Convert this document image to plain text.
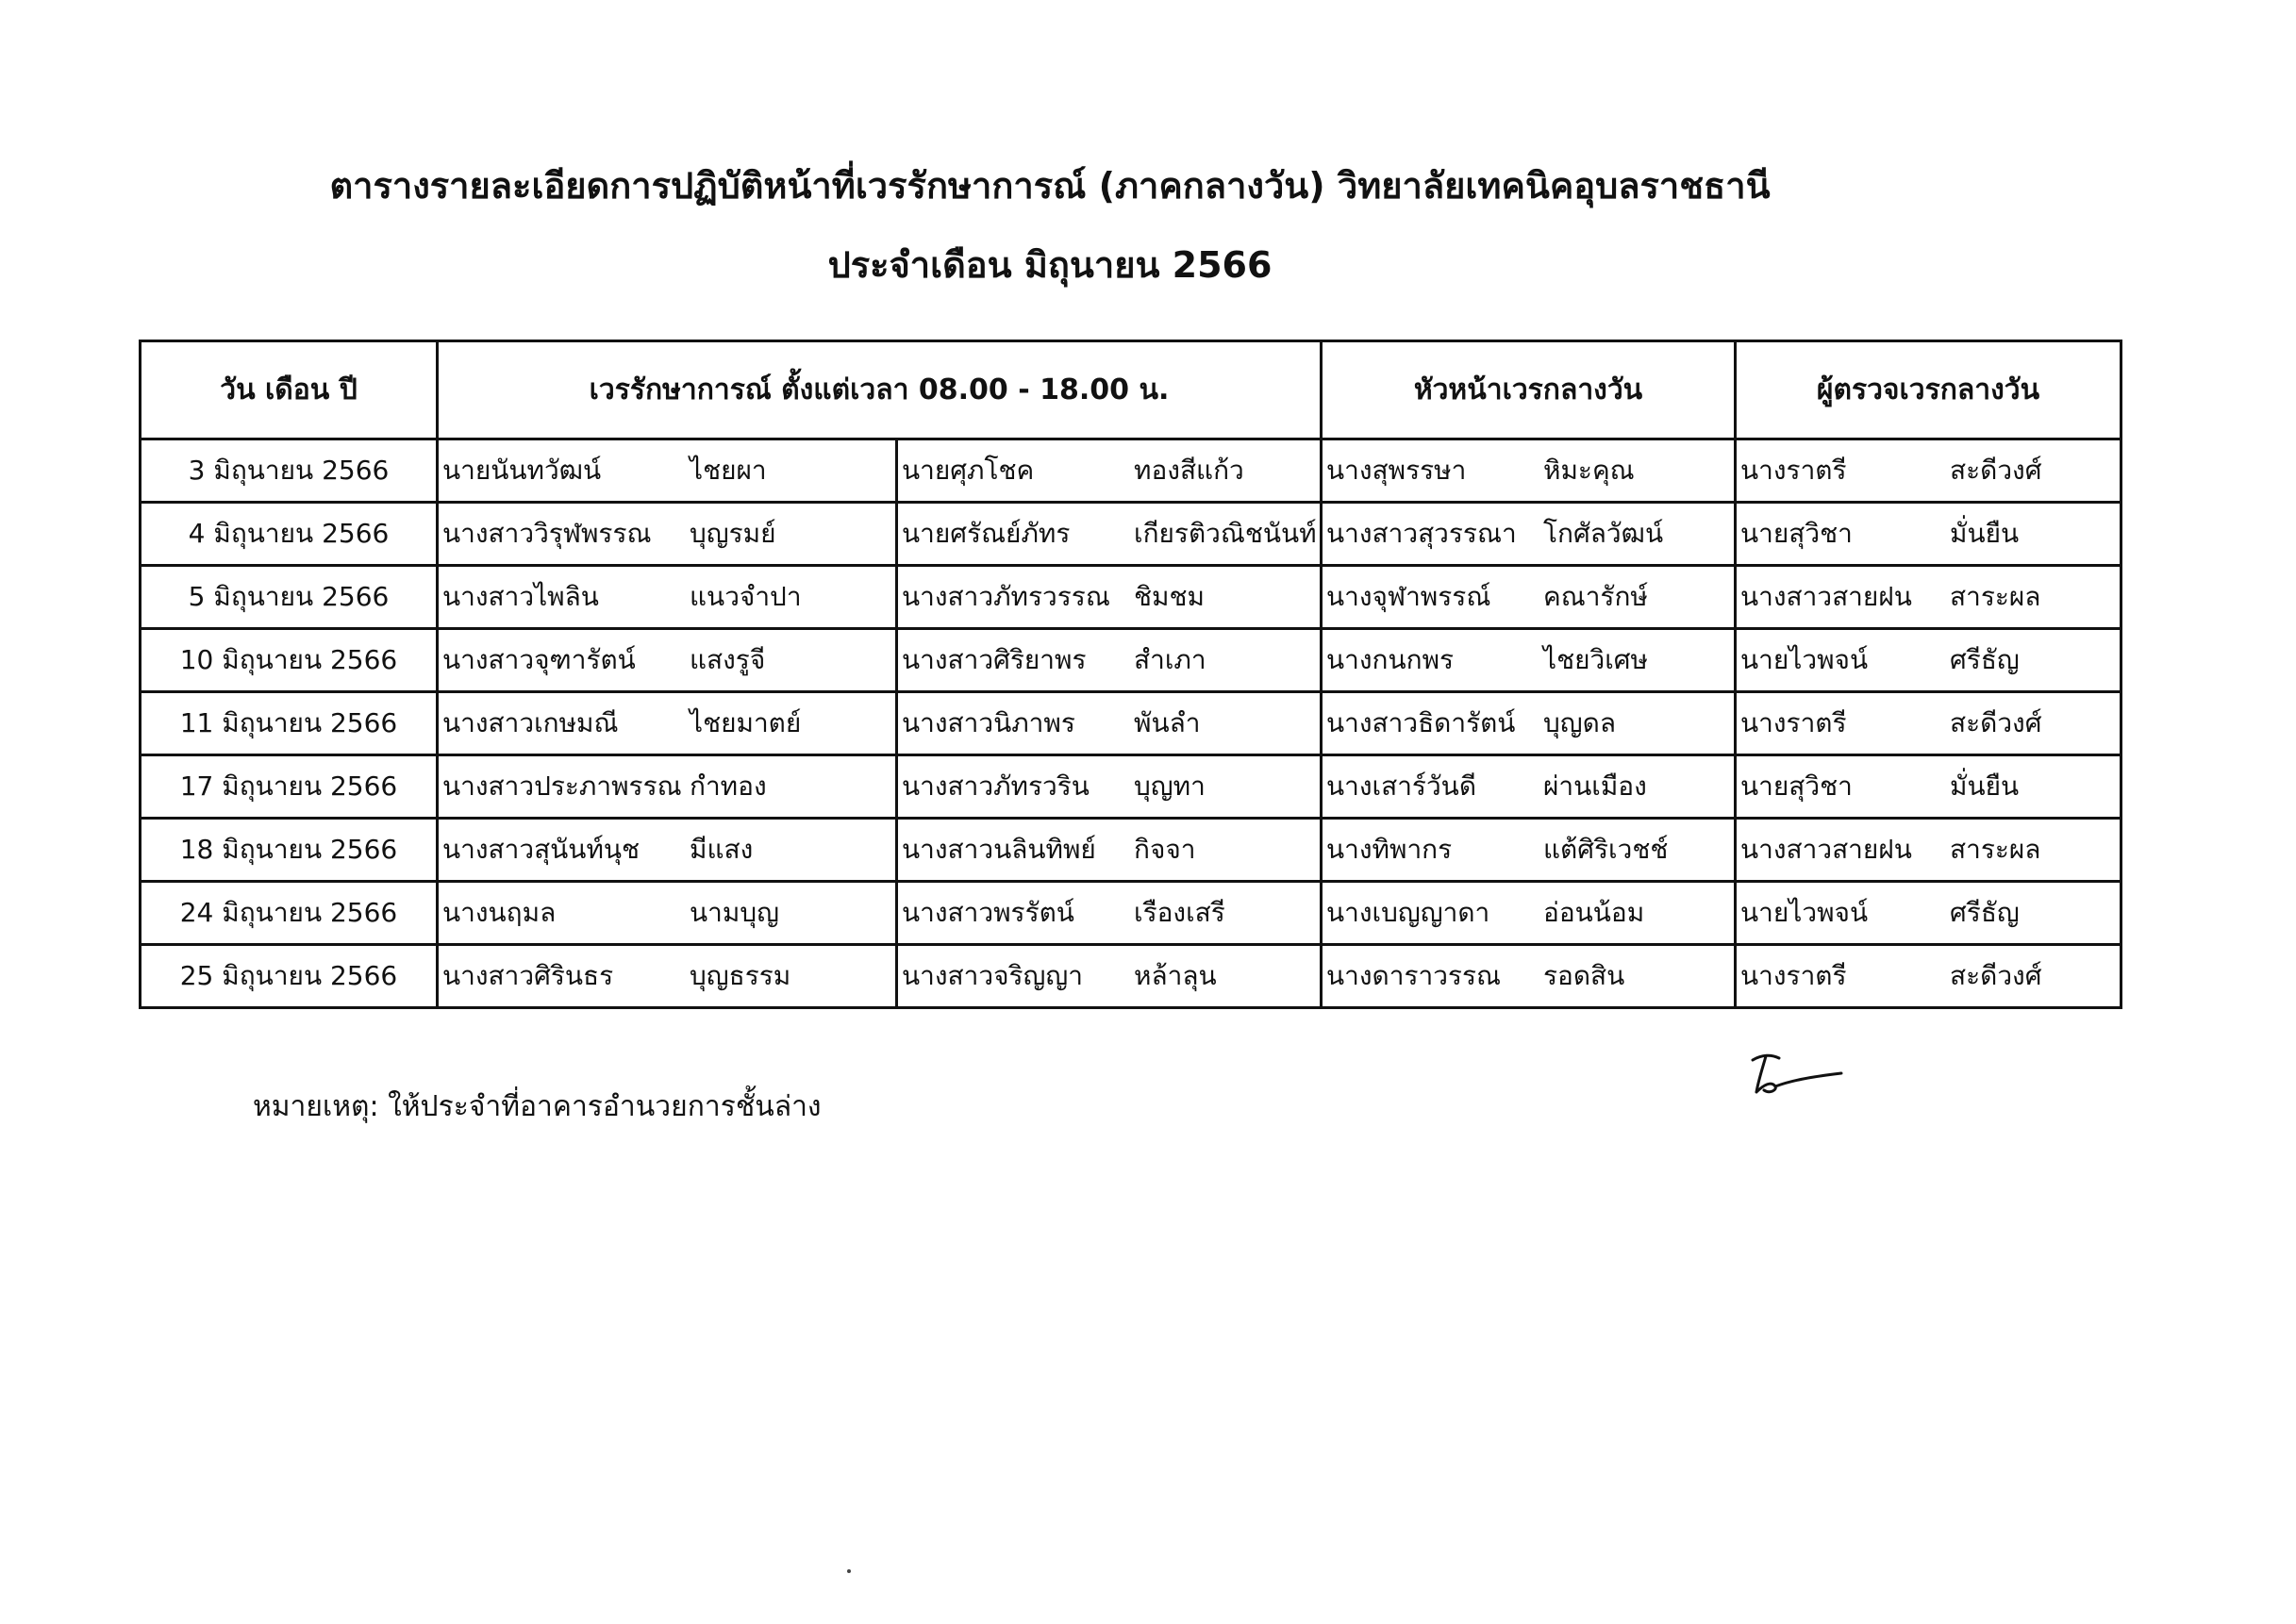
ตารางรายละเอียดการปฏิบัติหน้าที่เวรรักษาการณ์ (ภาคกลางวัน) วิทยาลัยเทคนิคอุบลราชธานี
ประจำเดือน มิถุนายน 2566
วัน เดือน ปี	เวรรักษาการณ์ ตั้งแต่เวลา 08.00 - 18.00 น.		หัวหน้าเวรกลางวัน	ผู้ตรวจเวรกลางวัน
3 มิถุนายน 2566	นายนันทวัฒน์ ไชยผา	นายศุภโชค ทองสีแก้ว	นางสุพรรษา หิมะคุณ	นางราตรี สะดีวงศ์

4 มิถุนายน 2566	นางสาววิรุฬพรรณ บุญรมย์	นายศรัณย์ภัทร เกียรติวณิชนันท์	นางสาวสุวรรณา โกศัลวัฒน์	นายสุวิชา มั่นยืน

5 มิถุนายน 2566	นางสาวไพลิน แนวจำปา	นางสาวภัทรวรรณ ชิมชม	นางจุฬาพรรณ์ คณารักษ์	นางสาวสายฝน สาระผล

10 มิถุนายน 2566	นางสาวจุฑารัตน์ แสงรูจี	นางสาวศิริยาพร สำเภา	นางกนกพร ไชยวิเศษ	นายไวพจน์ ศรีธัญ

11 มิถุนายน 2566	นางสาวเกษมณี ไชยมาตย์	นางสาวนิภาพร พันลำ	นางสาวธิดารัตน์ บุญดล	นางราตรี สะดีวงศ์

17 มิถุนายน 2566	นางสาวประภาพรรณ กำทอง	นางสาวภัทรวริน บุญทา	นางเสาร์วันดี ผ่านเมือง	นายสุวิชา มั่นยืน

18 มิถุนายน 2566	นางสาวสุนันท์นุช มีแสง	นางสาวนลินทิพย์ กิจจา	นางทิพากร แต้ศิริเวชช์	นางสาวสายฝน สาระผล

24 มิถุนายน 2566	นางนฤมล นามบุญ	นางสาวพรรัตน์ เรืองเสรี	นางเบญญาดา อ่อนน้อม	นายไวพจน์ ศรีธัญ

25 มิถุนายน 2566	นางสาวศิรินธร บุญธรรม	นางสาวจริญญา หล้าลุน	นางดาราวรรณ รอดสิน	นางราตรี สะดีวงศ์
หมายเหตุ: ให้ประจำที่อาคารอำนวยการชั้นล่าง
